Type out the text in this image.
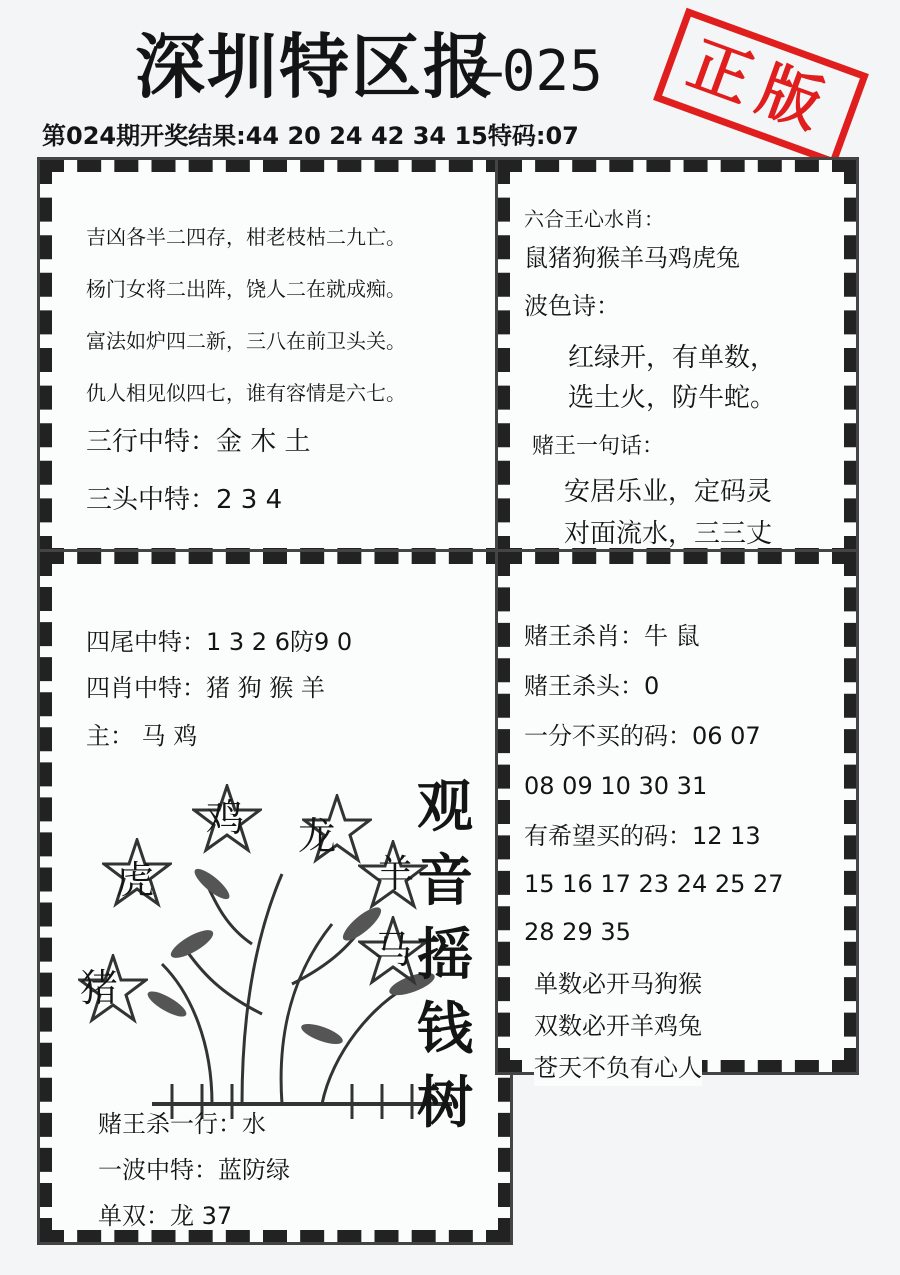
深圳特区报
—025	正版
第024期开奖结果:44 20 24 42 34 15特码:07
吉凶各半二四存，柑老枝枯二九亡。
杨门女将二出阵，饶人二在就成痴。
富法如炉四二新，三八在前卫头关。
仇人相见似四七，谁有容情是六七。
三行中特：金 木 土
三头中特：2 3 4
六合王心水肖：
鼠猪狗猴羊马鸡虎兔
波色诗：
红绿开，有单数，
选土火，防牛蛇。
赌王一句话：
安居乐业，定码灵
对面流水，三三丈
四尾中特：1 3 2 6防9 0
四肖中特：猪 狗 猴 羊
主： 马 鸡
鸡 龙
虎	羊
马
猪
赌王杀一行：水
一波中特：蓝防绿
单双：龙 37
观音摇钱树
赌王杀肖：牛 鼠
赌王杀头：0
一分不买的码：06 07
08 09 10 30 31
有希望买的码：12 13
15 16 17 23 24 25 27
28 29 35
单数必开马狗猴
双数必开羊鸡兔
苍天不负有心人
